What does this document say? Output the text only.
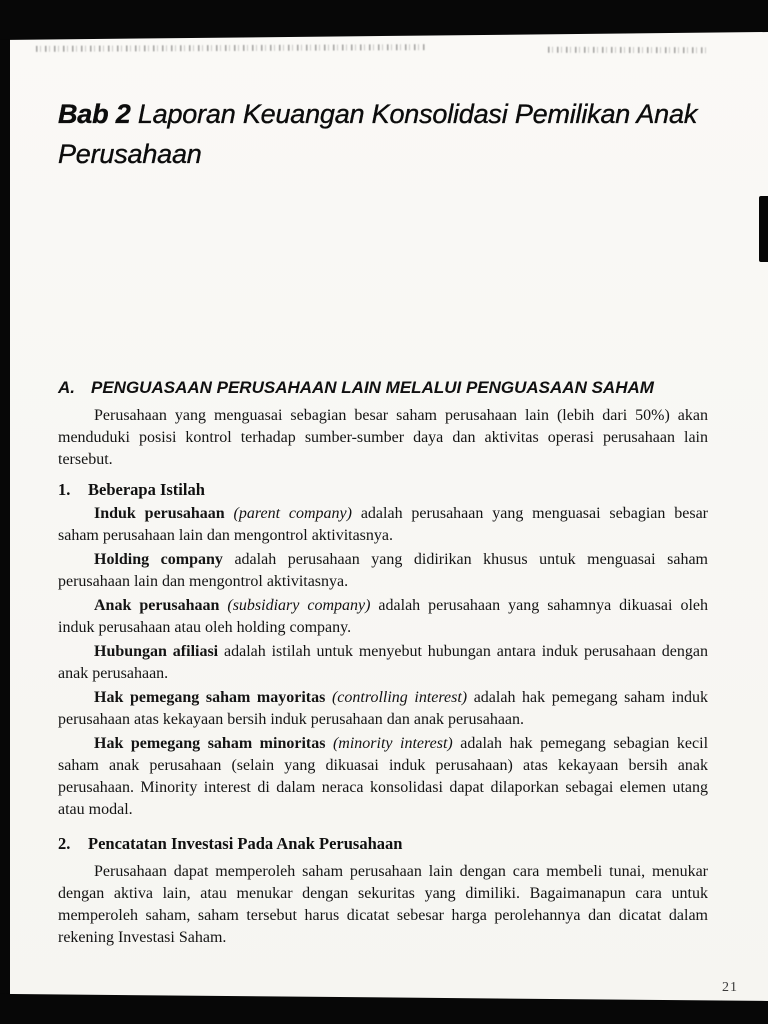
Bab 2 Laporan Keuangan Konsolidasi Pemilikan Anak Perusahaan
A. PENGUASAAN PERUSAHAAN LAIN MELALUI PENGUASAAN SAHAM

Perusahaan yang menguasai sebagian besar saham perusahaan lain (lebih dari 50%) akan menduduki posisi kontrol terhadap sumber-sumber daya dan aktivitas operasi perusahaan lain tersebut.

1.	Beberapa Istilah

Induk perusahaan (parent company) adalah perusahaan yang menguasai sebagian besar saham perusahaan lain dan mengontrol aktivitasnya.

Holding company adalah perusahaan yang didirikan khusus untuk menguasai saham perusahaan lain dan mengontrol aktivitasnya.

Anak perusahaan (subsidiary company) adalah perusahaan yang sahamnya dikuasai oleh induk perusahaan atau oleh holding company.

Hubungan afiliasi adalah istilah untuk menyebut hubungan antara induk perusahaan dengan anak perusahaan.

Hak pemegang saham mayoritas (controlling interest) adalah hak pemegang saham induk perusahaan atas kekayaan bersih induk perusahaan dan anak perusahaan.

Hak pemegang saham minoritas (minority interest) adalah hak pemegang sebagian kecil saham anak perusahaan (selain yang dikuasai induk perusahaan) atas kekayaan bersih anak perusahaan. Minority interest di dalam neraca konsolidasi dapat dilaporkan sebagai elemen utang atau modal.

2.	Pencatatan Investasi Pada Anak Perusahaan

Perusahaan dapat memperoleh saham perusahaan lain dengan cara membeli tunai, menukar dengan aktiva lain, atau menukar dengan sekuritas yang dimiliki. Bagaimanapun cara untuk memperoleh saham, saham tersebut harus dicatat sebesar harga perolehannya dan dicatat dalam rekening Investasi Saham.

21
